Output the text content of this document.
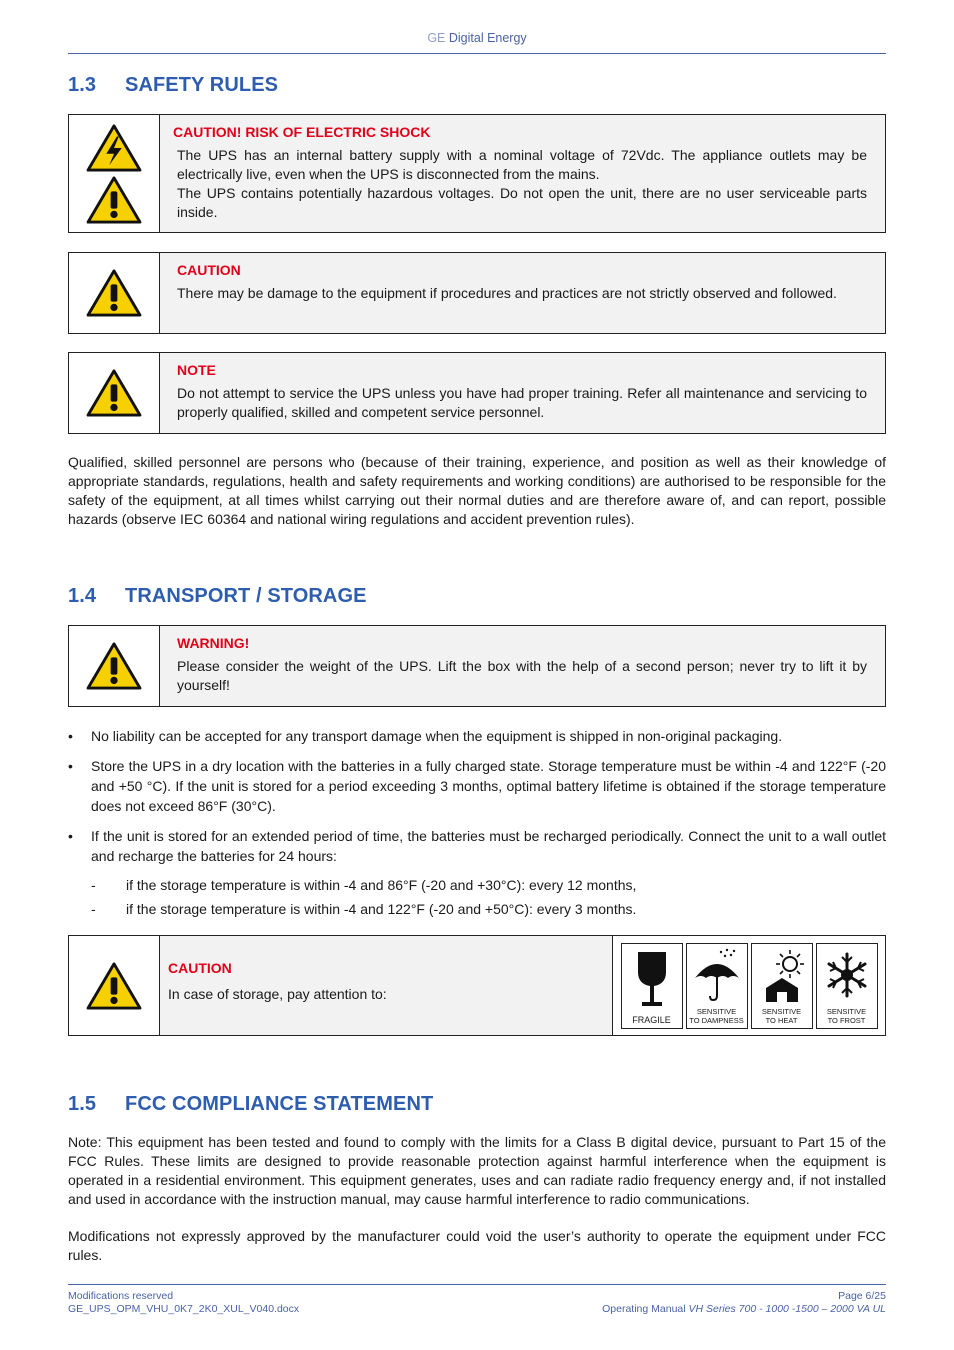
GE Digital Energy
1.3 SAFETY RULES
CAUTION! RISK OF ELECTRIC SHOCK
The UPS has an internal battery supply with a nominal voltage of 72Vdc. The appliance outlets may be electrically live, even when the UPS is disconnected from the mains.
The UPS contains potentially hazardous voltages. Do not open the unit, there are no user serviceable parts inside.
CAUTION
There may be damage to the equipment if procedures and practices are not strictly observed and followed.
NOTE
Do not attempt to service the UPS unless you have had proper training. Refer all maintenance and servicing to properly qualified, skilled and competent service personnel.
Qualified, skilled personnel are persons who (because of their training, experience, and position as well as their knowledge of appropriate standards, regulations, health and safety requirements and working conditions) are authorised to be responsible for the safety of the equipment, at all times whilst carrying out their normal duties and are therefore aware of, and can report, possible hazards (observe IEC 60364 and national wiring regulations and accident prevention rules).
1.4 TRANSPORT / STORAGE
WARNING!
Please consider the weight of the UPS. Lift the box with the help of a second person; never try to lift it by yourself!
• No liability can be accepted for any transport damage when the equipment is shipped in non-original packaging.
• Store the UPS in a dry location with the batteries in a fully charged state. Storage temperature must be within -4 and 122°F (-20 and +50 °C). If the unit is stored for a period exceeding 3 months, optimal battery lifetime is obtained if the storage temperature does not exceed 86°F (30°C).
• If the unit is stored for an extended period of time, the batteries must be recharged periodically. Connect the unit to a wall outlet and recharge the batteries for 24 hours:
- if the storage temperature is within -4 and 86°F (-20 and +30°C): every 12 months,
- if the storage temperature is within -4 and 122°F (-20 and +50°C): every 3 months.
CAUTION
In case of storage, pay attention to:
FRAGILE
SENSITIVE
TO DAMPNESS
SENSITIVE
TO HEAT
SENSITIVE
TO FROST
1.5 FCC COMPLIANCE STATEMENT
Note: This equipment has been tested and found to comply with the limits for a Class B digital device, pursuant to Part 15 of the FCC Rules. These limits are designed to provide reasonable protection against harmful interference when the equipment is operated in a residential environment. This equipment generates, uses and can radiate radio frequency energy and, if not installed and used in accordance with the instruction manual, may cause harmful interference to radio communications.
Modifications not expressly approved by the manufacturer could void the user’s authority to operate the equipment under FCC rules.
Modifications reserved
GE_UPS_OPM_VHU_0K7_2K0_XUL_V040.docx
Page 6/25
Operating Manual VH Series 700 - 1000 -1500 – 2000 VA UL
